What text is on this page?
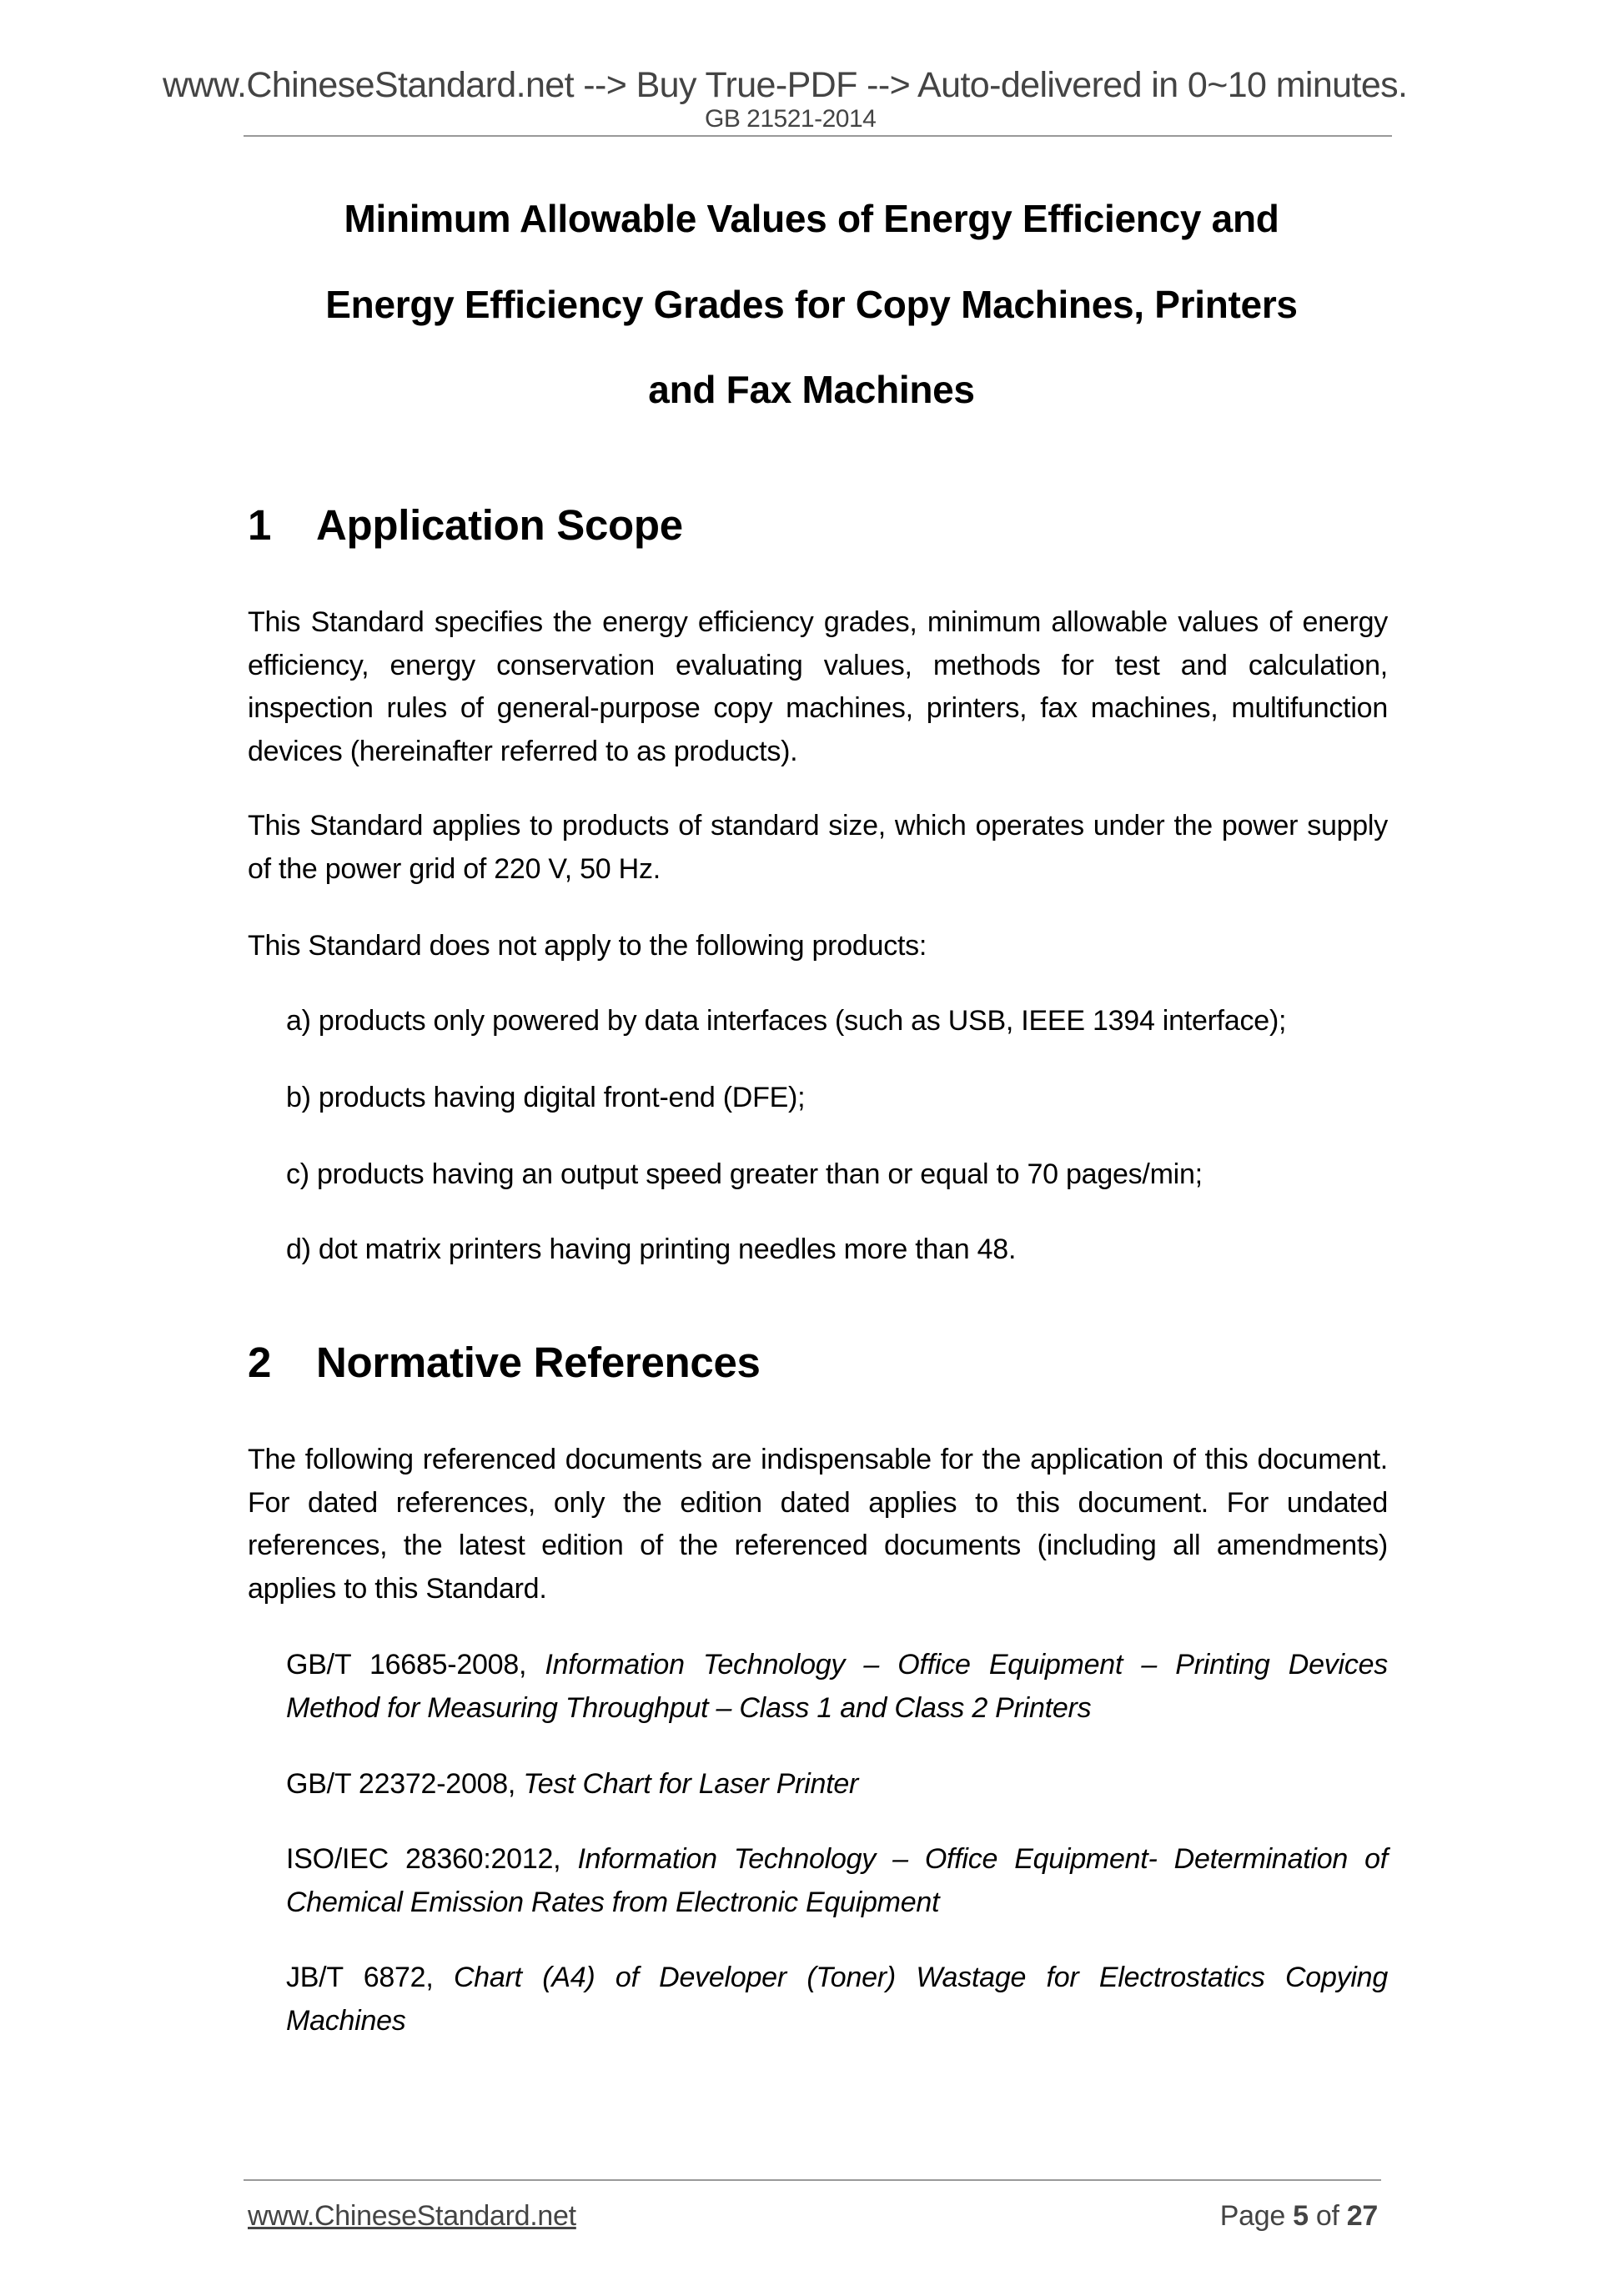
www.ChineseStandard.net --> Buy True-PDF --> Auto-delivered in 0~10 minutes.
GB 21521-2014
Minimum Allowable Values of Energy Efficiency and
Energy Efficiency Grades for Copy Machines, Printers
and Fax Machines
1 Application Scope
This Standard specifies the energy efficiency grades, minimum allowable values of energy efficiency, energy conservation evaluating values, methods for test and calculation, inspection rules of general-purpose copy machines, printers, fax machines, multifunction devices (hereinafter referred to as products).
This Standard applies to products of standard size, which operates under the power supply of the power grid of 220 V, 50 Hz.
This Standard does not apply to the following products:
a) products only powered by data interfaces (such as USB, IEEE 1394 interface);
b) products having digital front-end (DFE);
c) products having an output speed greater than or equal to 70 pages/min;
d) dot matrix printers having printing needles more than 48.
2 Normative References
The following referenced documents are indispensable for the application of this document. For dated references, only the edition dated applies to this document. For undated references, the latest edition of the referenced documents (including all amendments) applies to this Standard.
GB/T 16685-2008, Information Technology – Office Equipment – Printing Devices Method for Measuring Throughput – Class 1 and Class 2 Printers
GB/T 22372-2008, Test Chart for Laser Printer
ISO/IEC 28360:2012, Information Technology – Office Equipment- Determination of Chemical Emission Rates from Electronic Equipment
JB/T 6872, Chart (A4) of Developer (Toner) Wastage for Electrostatics Copying Machines
www.ChineseStandard.net	Page 5 of 27
